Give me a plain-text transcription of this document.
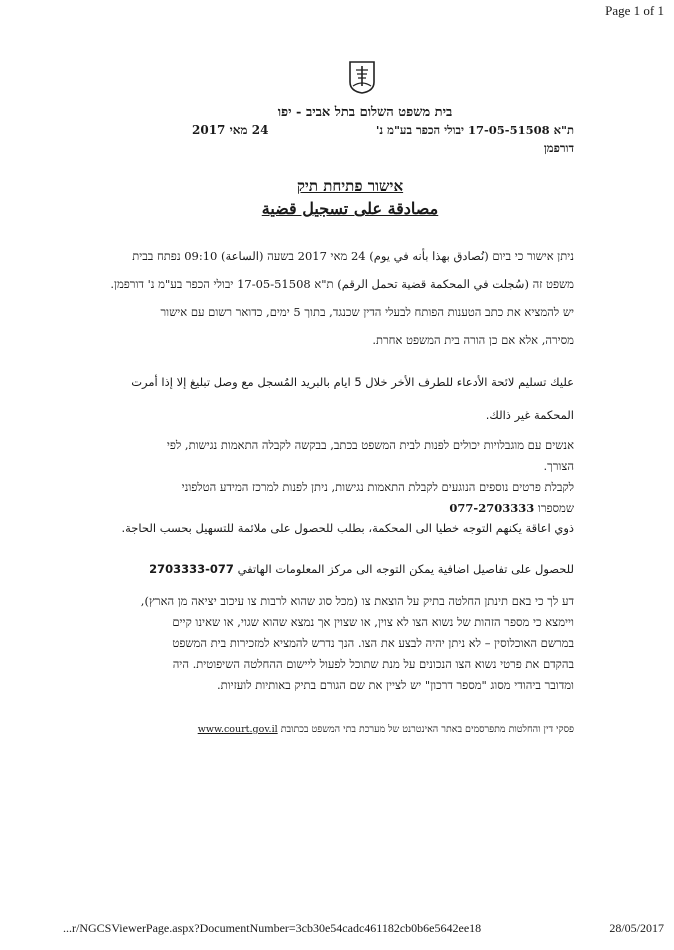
Page 1 of 1
בית משפט השלום בתל אביב - יפו
24 מאי 2017	ת"א 17-05-51508 יבולי הכפר בע"מ נ'
דורפמן
אישור פתיחת תיק
مصادقة على تسجيل قضية
ניתן אישור כי ביום (نُصادق بهذا بأنه في يوم) 24 מאי 2017 בשעה (الساعة) 09:10 נפתח בבית
משפט זה (سُجلت في المحكمة قضية تحمل الرقم) ת"א 17-05-51508 יבולי הכפר בע"מ נ' דורפמן.
יש להמציא את כתב הטענות הפותח לבעלי הדין שכנגד, בתוך 5 ימים, כדואר רשום עם אישור
מסירה, אלא אם כן הורה בית המשפט אחרת.
عليك تسليم لائحة الأدعاء للطرف الأخر خلال 5 ايام بالبريد المُسجل مع وصل تبليغ إلا إذا أمرت
المحكمة غير ذالك.
אנשים עם מוגבלויות יכולים לפנות לבית המשפט בכתב, בבקשה לקבלה התאמות נגישות, לפי
הצורך.
לקבלת פרטים נוספים הנוגעים לקבלת התאמות נגישות, ניתן לפנות למרכז המידע הטלפוני
שמספרו 077-2703333
ذوي اعاقة يكنهم التوجه خطيا الى المحكمة، بطلب للحصول على ملائمة للتسهيل بحسب الحاجة.
للحصول على تفاصيل اضافية يمكن التوجه الى مركز المعلومات الهاتفي 077-2703333
דע לך כי באם תינתן החלטה בתיק על הוצאת צו (מכל סוג שהוא לרבות צו עיכוב יציאה מן הארץ),
ויימצא כי מספר הזהות של נשוא הצו לא צוין, או שצוין אך נמצא שהוא שגוי, או שאינו קיים
במרשם האוכלוסין – לא ניתן יהיה לבצע את הצו. הנך נדרש להמציא למזכירות בית המשפט
בהקדם את פרטי נשוא הצו הנכונים על מנת שתוכל לפעול ליישום ההחלטה השיפוטית. היה
ומדובר ביהודי מסוג "מספר דרכון" יש לציין את שם הגורם בתיק באותיות לועזיות.
פסקי דין והחלטות מתפרסמים באתר האינטרנט של מערכת בתי המשפט בכתובת www.court.gov.il
...r/NGCSViewerPage.aspx?DocumentNumber=3cb30e54cadc461182cb0b6e5642ee18	28/05/2017
